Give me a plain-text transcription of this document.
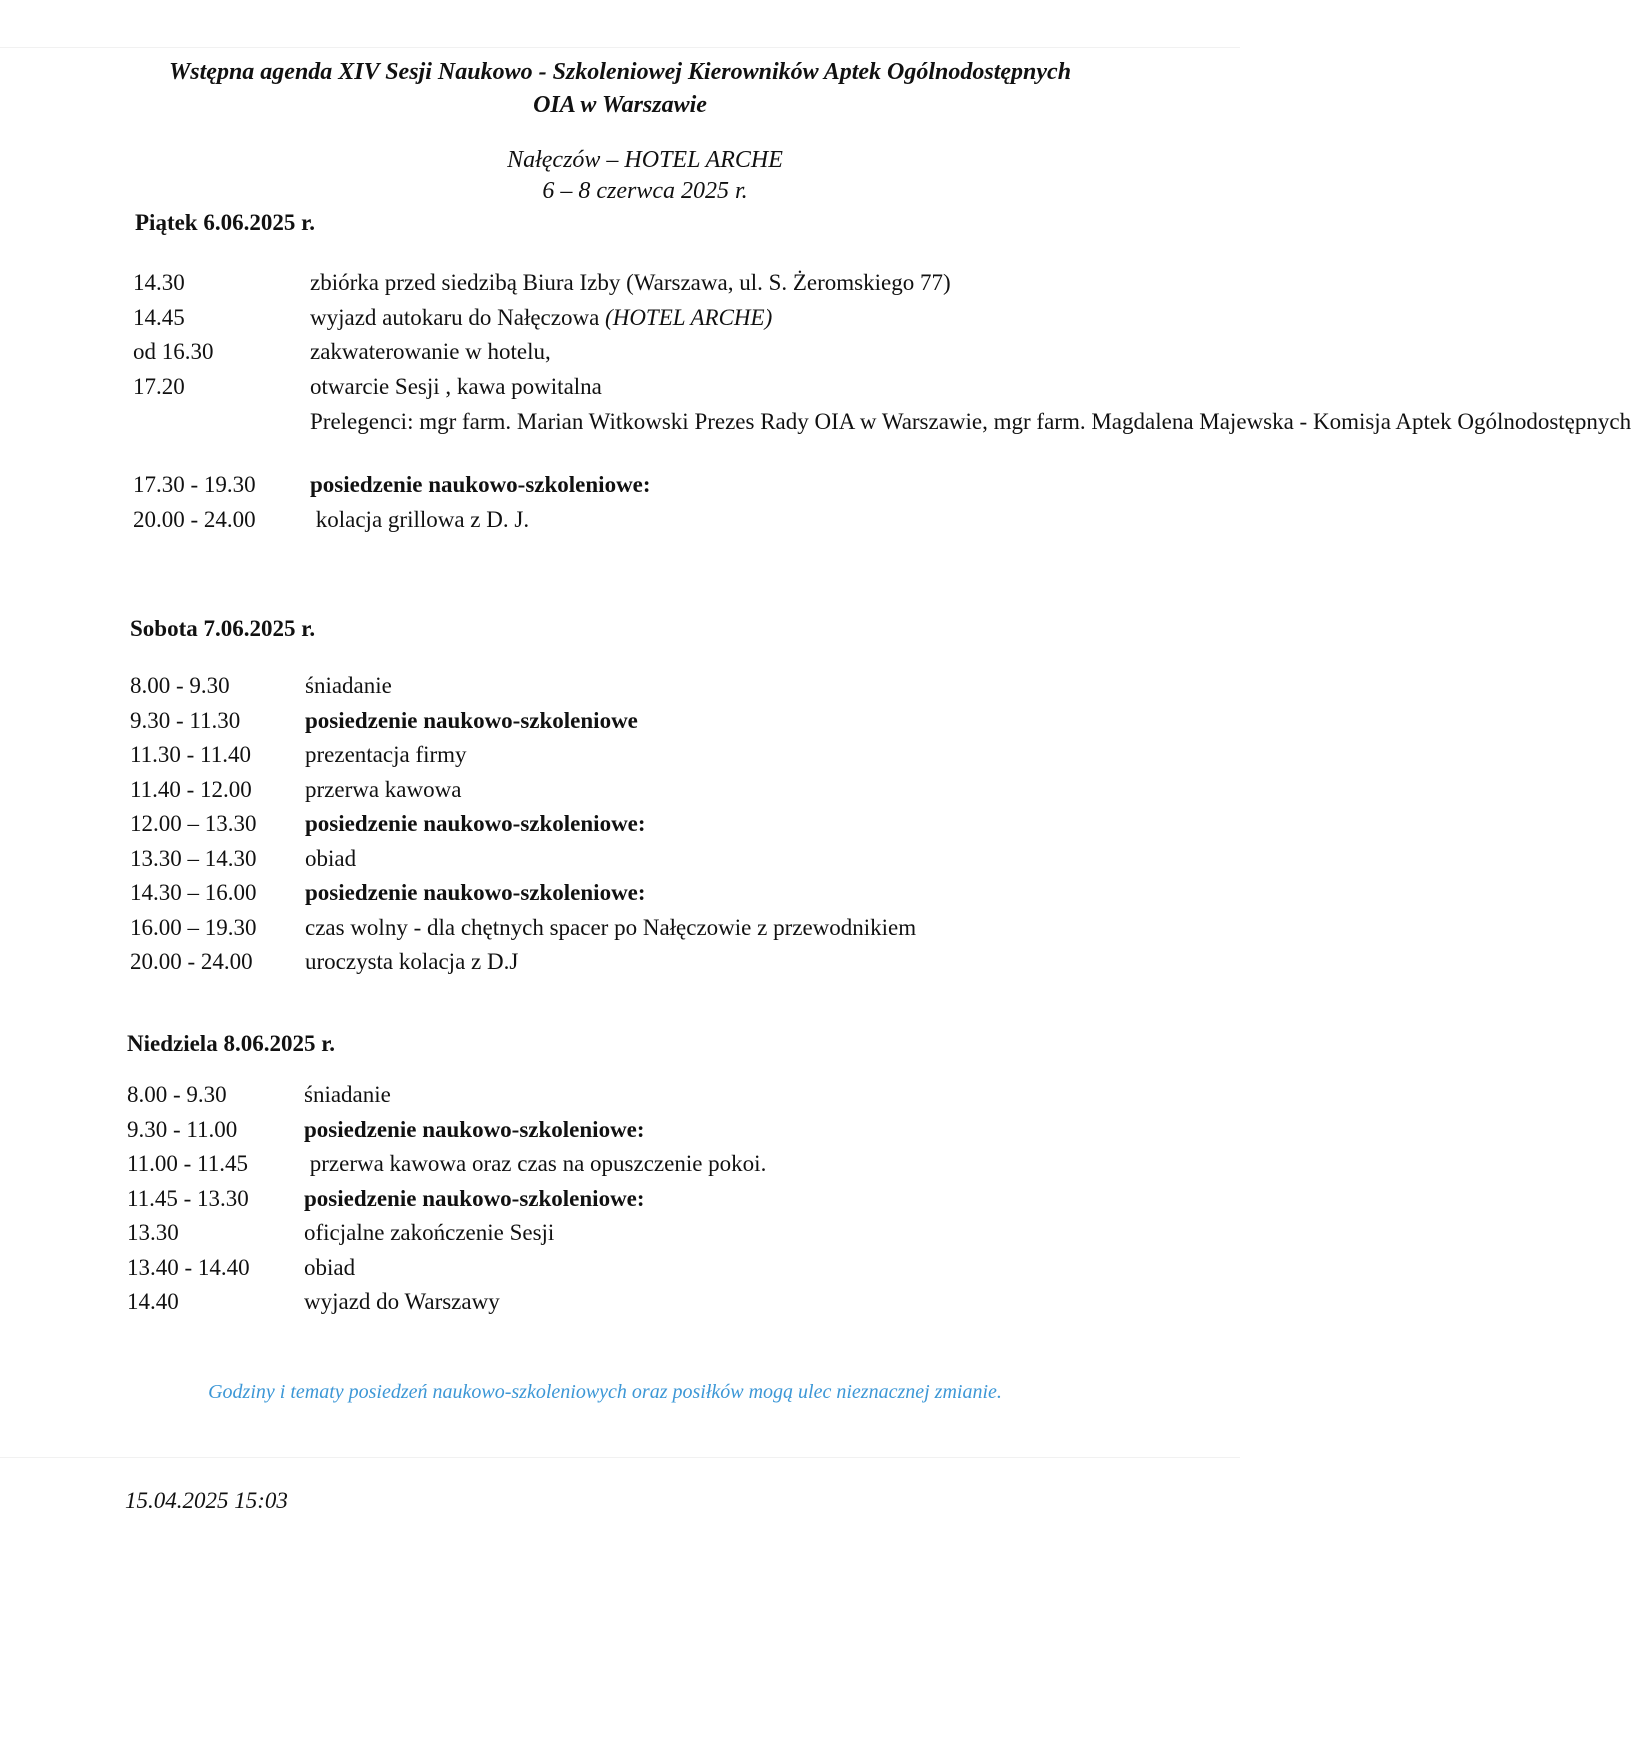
Wstępna agenda XIV Sesji Naukowo - Szkoleniowej Kierowników Aptek Ogólnodostępnych
OIA w Warszawie
Nałęczów – HOTEL ARCHE
6 – 8 czerwca 2025 r.
Piątek 6.06.2025 r.
14.30	zbiórka przed siedzibą Biura Izby (Warszawa, ul. S. Żeromskiego 77)
14.45	wyjazd autokaru do Nałęczowa (HOTEL ARCHE)
od 16.30	zakwaterowanie w hotelu,
17.20	otwarcie Sesji , kawa powitalna
Prelegenci: mgr farm. Marian Witkowski Prezes Rady OIA w Warszawie, mgr farm. Magdalena Majewska - Komisja Aptek Ogólnodostępnych
17.30 - 19.30	posiedzenie naukowo-szkoleniowe:
20.00 - 24.00	kolacja grillowa z D. J.
Sobota 7.06.2025 r.
8.00 - 9.30	śniadanie
9.30 - 11.30	posiedzenie naukowo-szkoleniowe
11.30 - 11.40	prezentacja firmy
11.40 - 12.00	przerwa kawowa
12.00 – 13.30	posiedzenie naukowo-szkoleniowe:
13.30 – 14.30	obiad
14.30 – 16.00	posiedzenie naukowo-szkoleniowe:
16.00 – 19.30	czas wolny - dla chętnych spacer po Nałęczowie z przewodnikiem
20.00 - 24.00	uroczysta kolacja z D.J
Niedziela 8.06.2025 r.
8.00 - 9.30	śniadanie
9.30 - 11.00	posiedzenie naukowo-szkoleniowe:
11.00 - 11.45	przerwa kawowa oraz czas na opuszczenie pokoi.
11.45 - 13.30	posiedzenie naukowo-szkoleniowe:
13.30	oficjalne zakończenie Sesji
13.40 - 14.40	obiad
14.40	wyjazd do Warszawy
Godziny i tematy posiedzeń naukowo-szkoleniowych oraz posiłków mogą ulec nieznacznej zmianie.
15.04.2025 15:03
